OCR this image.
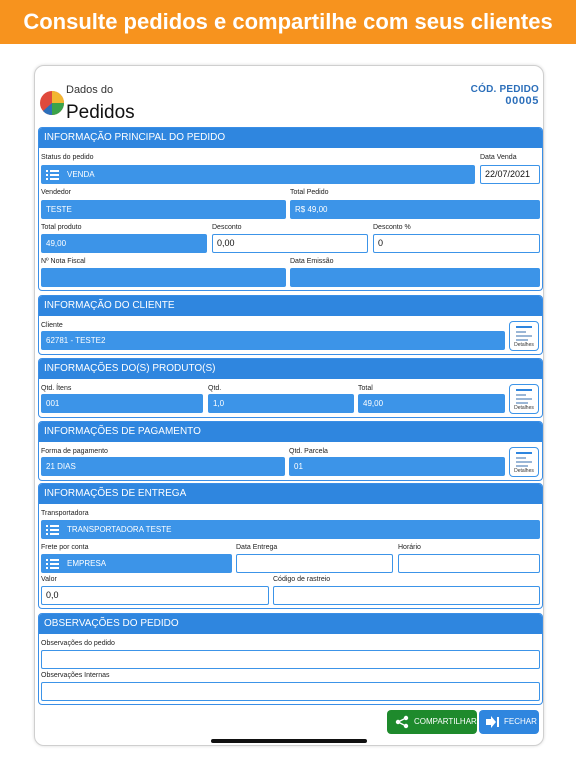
Consulte pedidos e compartilhe com seus clientes
Dados do
Pedidos
CÓD. PEDIDO
00005
INFORMAÇÃO PRINCIPAL DO PEDIDO
Status do pedido
VENDA
Data Venda
22/07/2021
Vendedor
TESTE
Total Pedido
R$ 49,00
Total produto
49,00
Desconto
0,00
Desconto %
0
Nº Nota Fiscal	Data Emissão
INFORMAÇÃO DO CLIENTE
Cliente
62781 - TESTE2	Detalhes
INFORMAÇÕES DO(S) PRODUTO(S)
Qtd. Ítens
001
Qtd.
1,0
Total
49,00	Detalhes
INFORMAÇÕES DE PAGAMENTO
Forma de pagamento
21 DIAS
Qtd. Parcela
01	Detalhes
INFORMAÇÕES DE ENTREGA
Transportadora
TRANSPORTADORA TESTE
Frete por conta
EMPRESA
Data Entrega	Horário
Valor
0,0
Código de rastreio
OBSERVAÇÕES DO PEDIDO
Observações do pedido
Observações Internas
COMPARTILHAR	FECHAR
